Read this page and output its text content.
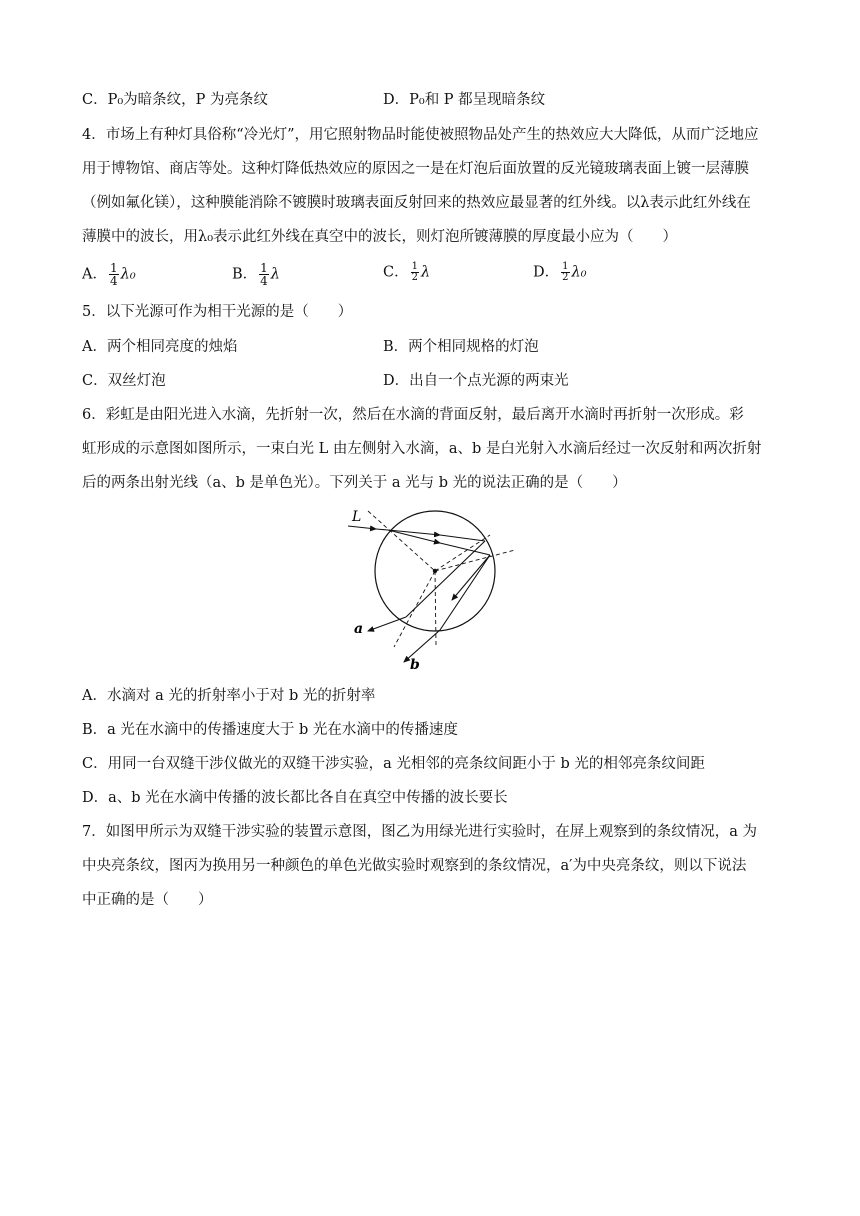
C．P₀为暗条纹，P 为亮条纹	D．P₀和 P 都呈现暗条纹
4．市场上有种灯具俗称“冷光灯”，用它照射物品时能使被照物品处产生的热效应大大降低，从而广泛地应
用于博物馆、商店等处。这种灯降低热效应的原因之一是在灯泡后面放置的反光镜玻璃表面上镀一层薄膜
（例如氟化镁），这种膜能消除不镀膜时玻璃表面反射回来的热效应最显著的红外线。以λ表示此红外线在
薄膜中的波长，用λ₀表示此红外线在真空中的波长，则灯泡所镀薄膜的厚度最小应为（　　）
A． $\frac{1}{4} \lambda_0$	B． $\frac{1}{4}$ λ	C． $\frac{1}{2}$ λ	D． $\frac{1}{2} \lambda_0$
5．以下光源可作为相干光源的是（　　）
A．两个相同亮度的烛焰	B．两个相同规格的灯泡
C．双丝灯泡	D．出自一个点光源的两束光
6．彩虹是由阳光进入水滴，先折射一次，然后在水滴的背面反射，最后离开水滴时再折射一次形成。彩
虹形成的示意图如图所示，一束白光 L 由左侧射入水滴，a、b 是白光射入水滴后经过一次反射和两次折射
后的两条出射光线（a、b 是单色光）。下列关于 a 光与 b 光的说法正确的是（　　）
L
a
b
A．水滴对 a 光的折射率小于对 b 光的折射率
B．a 光在水滴中的传播速度大于 b 光在水滴中的传播速度
C．用同一台双缝干涉仪做光的双缝干涉实验，a 光相邻的亮条纹间距小于 b 光的相邻亮条纹间距
D．a、b 光在水滴中传播的波长都比各自在真空中传播的波长要长
7．如图甲所示为双缝干涉实验的装置示意图，图乙为用绿光进行实验时，在屏上观察到的条纹情况，a 为
中央亮条纹，图丙为换用另一种颜色的单色光做实验时观察到的条纹情况，a′为中央亮条纹，则以下说法
中正确的是（　　）
